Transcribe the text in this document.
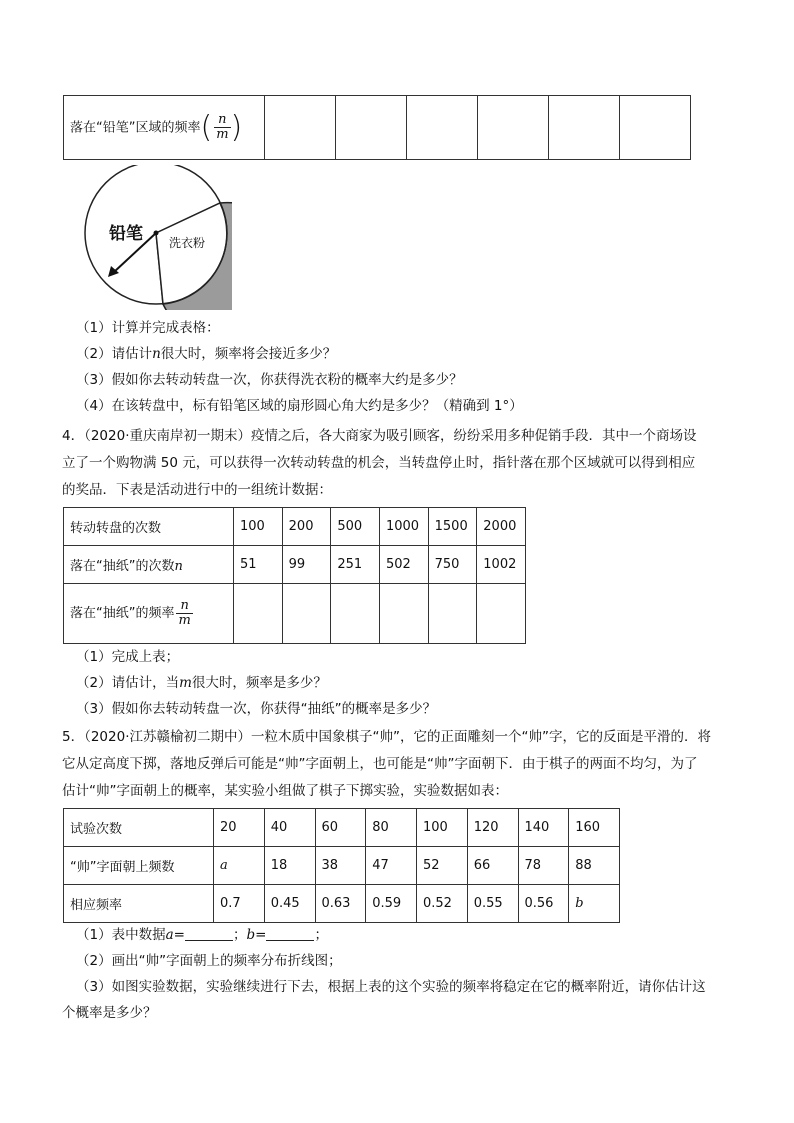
落在“铅笔”区域的频率( $\frac{n}{m}$ )						
铅笔 洗衣粉
（1）计算并完成表格：
（2）请估计n很大时，频率将会接近多少？
（3）假如你去转动转盘一次，你获得洗衣粉的概率大约是多少？
（4）在该转盘中，标有铅笔区域的扇形圆心角大约是多少？（精确到 1°）
4．（2020·重庆南岸初一期末）疫情之后，各大商家为吸引顾客，纷纷采用多种促销手段．其中一个商场设
立了一个购物满 50 元，可以获得一次转动转盘的机会，当转盘停止时，指针落在那个区域就可以得到相应
的奖品．下表是活动进行中的一组统计数据：
转动转盘的次数	100	200	500	1000	1500	2000
落在“抽纸”的次数n	51	99	251	502	750	1002
落在“抽纸”的频率 $\frac{n}{m}$

（1）完成上表；
（2）请估计，当m很大时，频率是多少？
（3）假如你去转动转盘一次，你获得“抽纸”的概率是多少？
5．（2020·江苏赣榆初二期中）一粒木质中国象棋子“帅”，它的正面雕刻一个“帅”字，它的反面是平滑的．将
它从定高度下掷，落地反弹后可能是“帅”字面朝上，也可能是“帅”字面朝下．由于棋子的两面不均匀，为了
估计“帅”字面朝上的概率，某实验小组做了棋子下掷实验，实验数据如表：
试验次数	20	40	60	80	100	120	140	160
“帅”字面朝上频数	a	18	38	47	52	66	78	88
相应频率	0.7	0.45	0.63	0.59	0.52	0.55	0.56	b
（1）表中数据a=	；b=	；
（2）画出“帅”字面朝上的频率分布折线图；
（3）如图实验数据，实验继续进行下去，根据上表的这个实验的频率将稳定在它的概率附近，请你估计这
个概率是多少？
